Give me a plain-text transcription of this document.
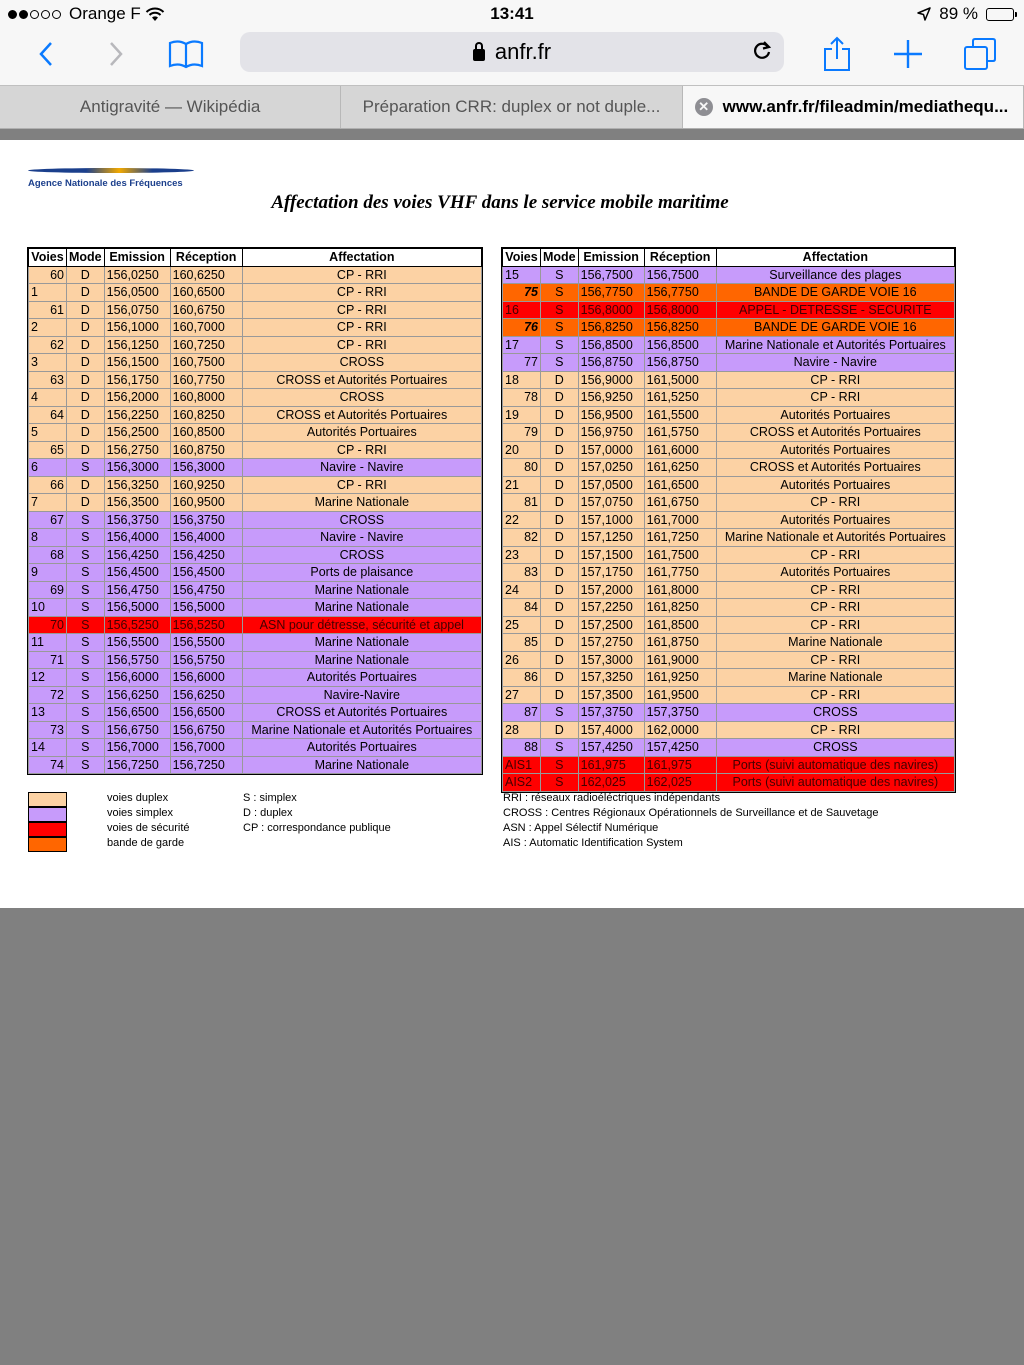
Orange F	13:41	89 %
anfr.fr
Antigravité — Wikipédia	Préparation CRR: duplex or not duple...	✕ www.anfr.fr/fileadmin/mediathequ...
Agence Nationale des Fréquences
Affectation des voies VHF dans le service mobile maritime
Voies	Mode	Emission	Réception	Affectation
60	D	156,0250	160,6250	CP - RRI
1	D	156,0500	160,6500	CP - RRI
61	D	156,0750	160,6750	CP - RRI
2	D	156,1000	160,7000	CP - RRI
62	D	156,1250	160,7250	CP - RRI
3	D	156,1500	160,7500	CROSS
63	D	156,1750	160,7750	CROSS et Autorités Portuaires
4	D	156,2000	160,8000	CROSS
64	D	156,2250	160,8250	CROSS et Autorités Portuaires
5	D	156,2500	160,8500	Autorités Portuaires
65	D	156,2750	160,8750	CP - RRI
6	S	156,3000	156,3000	Navire - Navire
66	D	156,3250	160,9250	CP - RRI
7	D	156,3500	160,9500	Marine Nationale
67	S	156,3750	156,3750	CROSS
8	S	156,4000	156,4000	Navire - Navire
68	S	156,4250	156,4250	CROSS
9	S	156,4500	156,4500	Ports de plaisance
69	S	156,4750	156,4750	Marine Nationale
10	S	156,5000	156,5000	Marine Nationale
70	S	156,5250	156,5250	ASN pour détresse, sécurité et appel
11	S	156,5500	156,5500	Marine Nationale
71	S	156,5750	156,5750	Marine Nationale
12	S	156,6000	156,6000	Autorités Portuaires
72	S	156,6250	156,6250	Navire-Navire
13	S	156,6500	156,6500	CROSS et Autorités Portuaires
73	S	156,6750	156,6750	Marine Nationale et Autorités Portuaires
14	S	156,7000	156,7000	Autorités Portuaires
74	S	156,7250	156,7250	Marine Nationale
Voies	Mode	Emission	Réception	Affectation
15	S	156,7500	156,7500	Surveillance des plages
75	S	156,7750	156,7750	BANDE DE GARDE VOIE 16
16	S	156,8000	156,8000	APPEL - DETRESSE - SECURITE
76	S	156,8250	156,8250	BANDE DE GARDE VOIE 16
17	S	156,8500	156,8500	Marine Nationale et Autorités Portuaires
77	S	156,8750	156,8750	Navire - Navire
18	D	156,9000	161,5000	CP - RRI
78	D	156,9250	161,5250	CP - RRI
19	D	156,9500	161,5500	Autorités Portuaires
79	D	156,9750	161,5750	CROSS et Autorités Portuaires
20	D	157,0000	161,6000	Autorités Portuaires
80	D	157,0250	161,6250	CROSS et Autorités Portuaires
21	D	157,0500	161,6500	Autorités Portuaires
81	D	157,0750	161,6750	CP - RRI
22	D	157,1000	161,7000	Autorités Portuaires
82	D	157,1250	161,7250	Marine Nationale et Autorités Portuaires
23	D	157,1500	161,7500	CP - RRI
83	D	157,1750	161,7750	Autorités Portuaires
24	D	157,2000	161,8000	CP - RRI
84	D	157,2250	161,8250	CP - RRI
25	D	157,2500	161,8500	CP - RRI
85	D	157,2750	161,8750	Marine Nationale
26	D	157,3000	161,9000	CP - RRI
86	D	157,3250	161,9250	Marine Nationale
27	D	157,3500	161,9500	CP - RRI
87	S	157,3750	157,3750	CROSS
28	D	157,4000	162,0000	CP - RRI
88	S	157,4250	157,4250	CROSS
AIS1	S	161,975	161,975	Ports (suivi automatique des navires)
AIS2	S	162,025	162,025	Ports (suivi automatique des navires)
voies duplex
voies simplex
voies de sécurité
bande de garde
S : simplex
D : duplex
CP : correspondance publique
RRI : réseaux radioéléctriques indépendants
CROSS : Centres Régionaux Opérationnels de Surveillance et de Sauvetage
ASN : Appel Sélectif Numérique
AIS : Automatic Identification System
